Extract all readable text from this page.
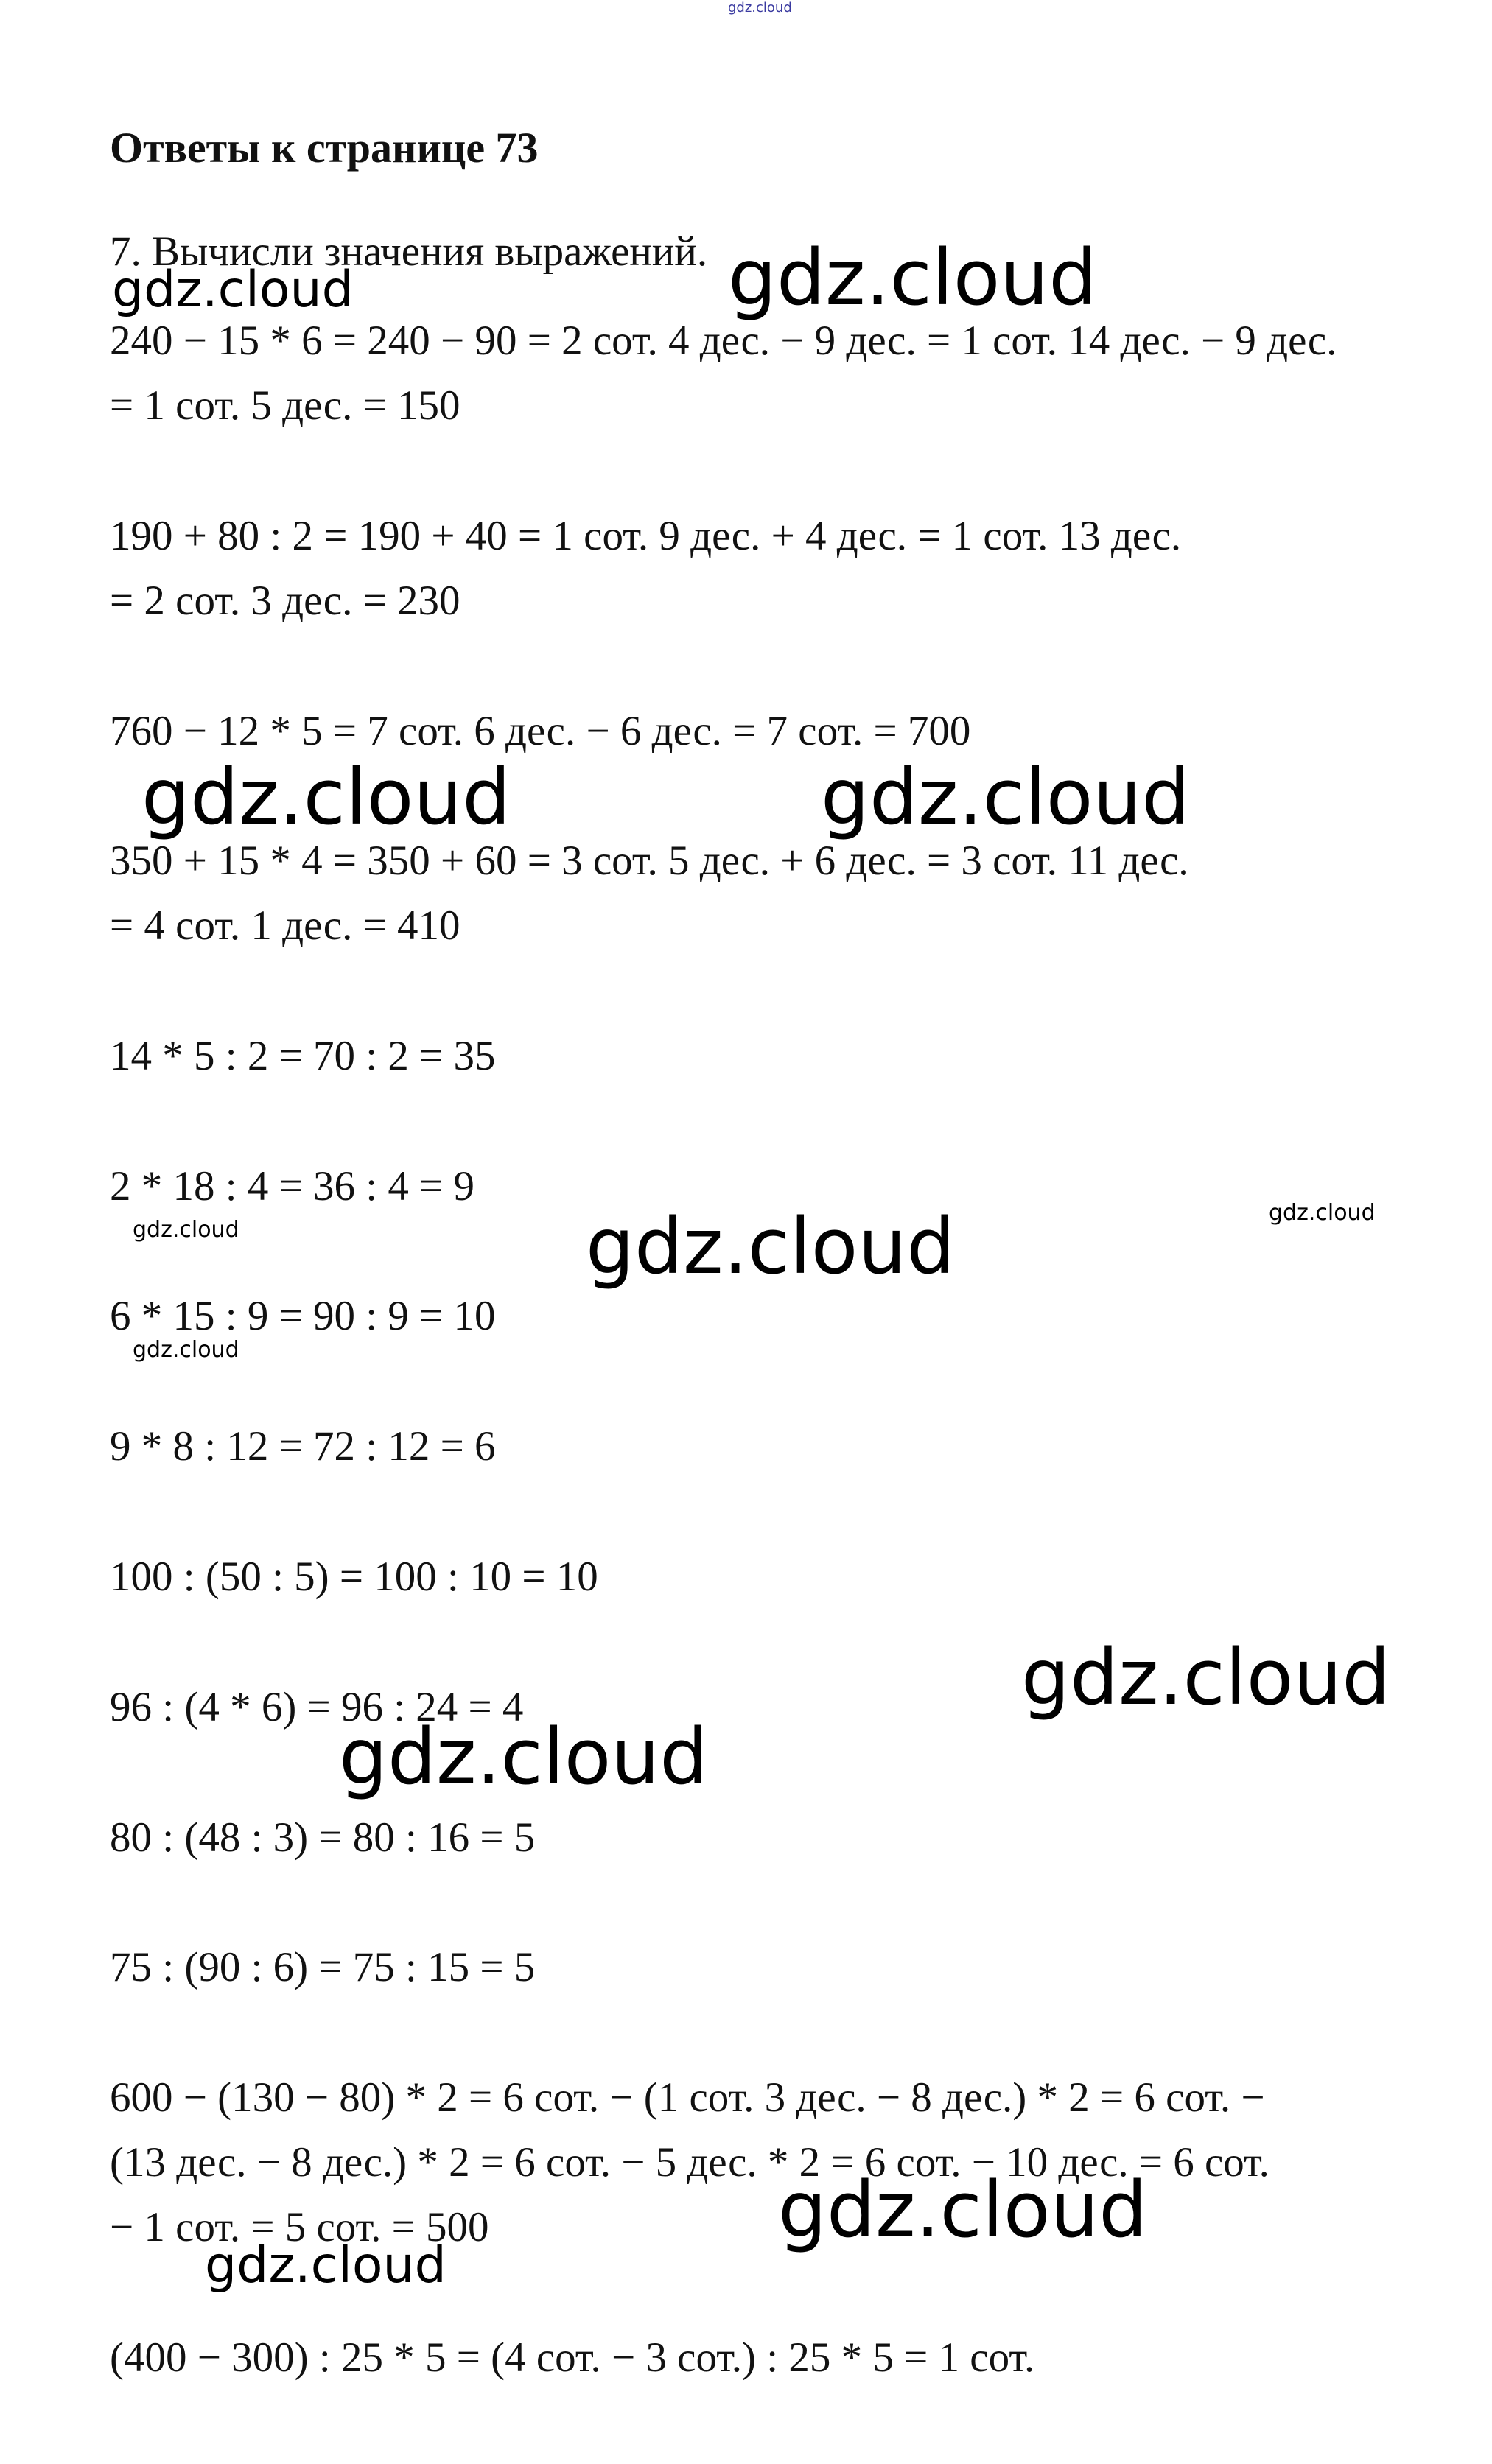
gdz.cloud
Ответы к странице 73
7. Вычисли значения выражений.
240 − 15 * 6 = 240 − 90 = 2 сот. 4 дес. − 9 дес. = 1 сот. 14 дес. − 9 дес.
= 1 сот. 5 дес. = 150
190 + 80 : 2 = 190 + 40 = 1 сот. 9 дес. + 4 дес. = 1 сот. 13 дес.
= 2 сот. 3 дес. = 230
760 − 12 * 5 = 7 сот. 6 дес. − 6 дес. = 7 сот. = 700
350 + 15 * 4 = 350 + 60 = 3 сот. 5 дес. + 6 дес. = 3 сот. 11 дес.
= 4 сот. 1 дес. = 410
14 * 5 : 2 = 70 : 2 = 35
2 * 18 : 4 = 36 : 4 = 9
6 * 15 : 9 = 90 : 9 = 10
9 * 8 : 12 = 72 : 12 = 6
100 : (50 : 5) = 100 : 10 = 10
96 : (4 * 6) = 96 : 24 = 4
80 : (48 : 3) = 80 : 16 = 5
75 : (90 : 6) = 75 : 15 = 5
600 − (130 − 80) * 2 = 6 сот. − (1 сот. 3 дес. − 8 дес.) * 2 = 6 сот. −
(13 дес. − 8 дес.) * 2 = 6 сот. − 5 дес. * 2 = 6 сот. − 10 дес. = 6 сот.
− 1 сот. = 5 сот. = 500
(400 − 300) : 25 * 5 = (4 сот. − 3 сот.) : 25 * 5 = 1 сот.
gdz.cloud	gdz.cloud
gdz.cloud	gdz.cloud
gdz.cloud	gdz.cloud	gdz.cloud
gdz.cloud
gdz.cloud
gdz.cloud
gdz.cloud
gdz.cloud
